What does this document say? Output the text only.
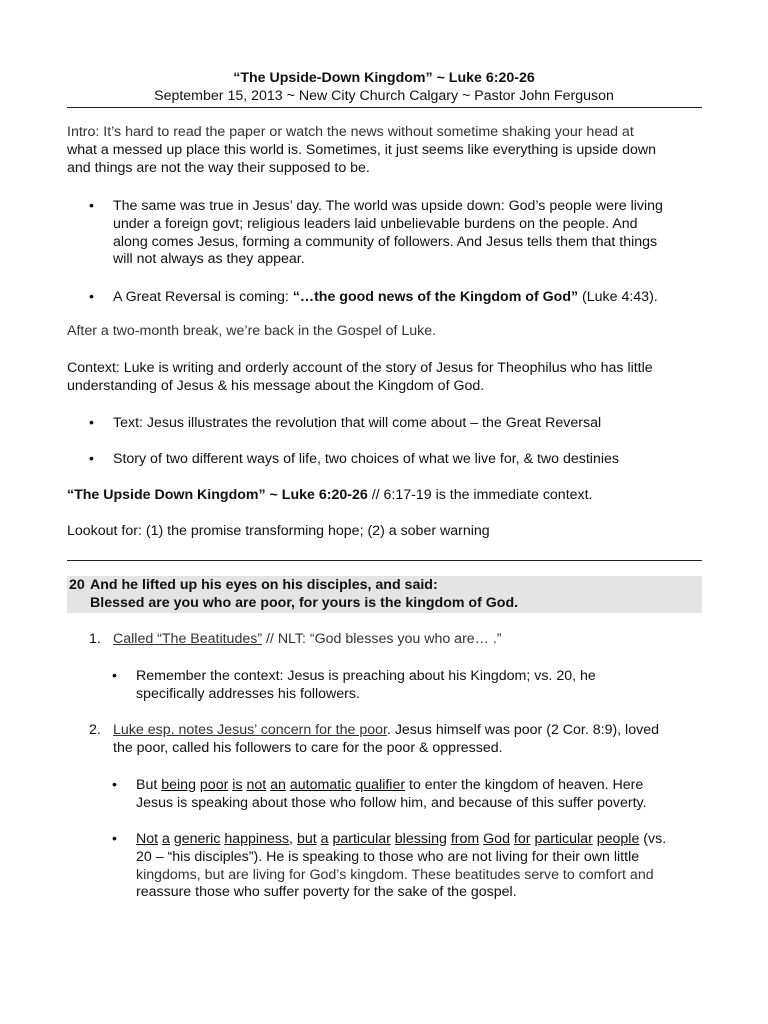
“The Upside-Down Kingdom” ~ Luke 6:20-26
September 15, 2013 ~ New City Church Calgary ~ Pastor John Ferguson
Intro: It’s hard to read the paper or watch the news without sometime shaking your head at
what a messed up place this world is. Sometimes, it just seems like everything is upside down
and things are not the way their supposed to be.
• The same was true in Jesus’ day. The world was upside down: God’s people were living
under a foreign govt; religious leaders laid unbelievable burdens on the people. And
along comes Jesus, forming a community of followers. And Jesus tells them that things
will not always as they appear.
• A Great Reversal is coming: “…the good news of the Kingdom of God” (Luke 4:43).
After a two-month break, we’re back in the Gospel of Luke.
Context: Luke is writing and orderly account of the story of Jesus for Theophilus who has little
understanding of Jesus & his message about the Kingdom of God.
• Text: Jesus illustrates the revolution that will come about – the Great Reversal
• Story of two different ways of life, two choices of what we live for, & two destinies
“The Upside Down Kingdom” ~ Luke 6:20-26 // 6:17-19 is the immediate context.
Lookout for: (1) the promise transforming hope; (2) a sober warning
20 And he lifted up his eyes on his disciples, and said:
Blessed are you who are poor, for yours is the kingdom of God.
1. Called “The Beatitudes” // NLT: “God blesses you who are… .”
• Remember the context: Jesus is preaching about his Kingdom; vs. 20, he
specifically addresses his followers.
2. Luke esp. notes Jesus’ concern for the poor. Jesus himself was poor (2 Cor. 8:9), loved
the poor, called his followers to care for the poor & oppressed.
• But being poor is not an automatic qualifier to enter the kingdom of heaven. Here
Jesus is speaking about those who follow him, and because of this suffer poverty.
• Not a generic happiness, but a particular blessing from God for particular people (vs.
20 – “his disciples”). He is speaking to those who are not living for their own little
kingdoms, but are living for God’s kingdom. These beatitudes serve to comfort and
reassure those who suffer poverty for the sake of the gospel.
